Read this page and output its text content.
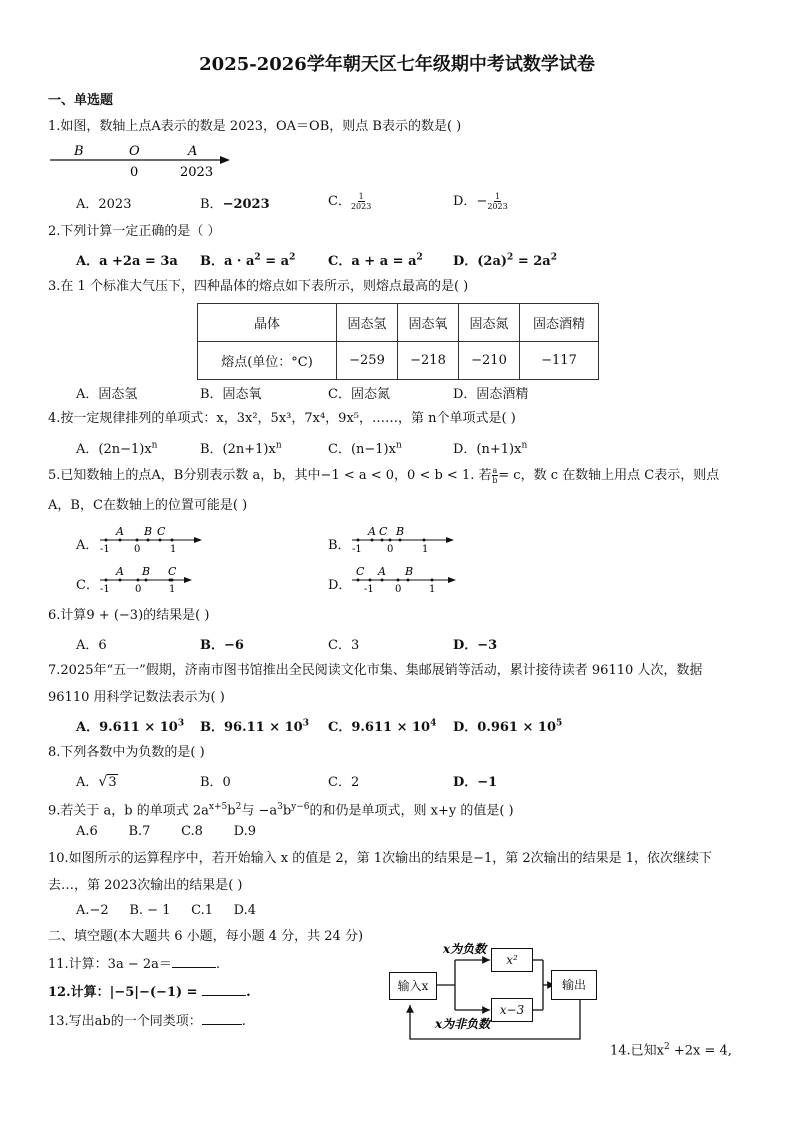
2025-2026学年朝天区七年级期中考试数学试卷
一、单选题
1.如图，数轴上点A表示的数是 2023，OA＝OB，则点 B表示的数是( )
B	O	A
0	2023
A．2023	B．−2023	C． $\frac{1}{2023}$	D．− $\frac{1}{2023}$
2.下列计算一定正确的是（ ）
A．a +2a = 3a B．$a \cdot a^2 = a^2$	C．$a + a = a^2$ D．$(2a)^2 = 2a^2$
3.在 1 个标准大气压下，四种晶体的熔点如下表所示，则熔点最高的是( )
晶体	固态氢	固态氧	固态氮	固态酒精
熔点(单位：°C)	−259	−218	−210	−117
A．固态氢	B．固态氧	C．固态氮	D．固态酒精
4.按一定规律排列的单项式：x，3x²，5x³，7x⁴，9x⁵，……，第 n个单项式是( )
A．$(2n-1)x^n$	B．$(2n+1)x^n$	C．$(n-1)x^n$	D．$(n+1)x^n$
5.已知数轴上的点A，B分别表示数 a，b，其中−1 < a < 0，0 < b < 1. 若 $\frac{a}{b} = c$，数 c 在数轴上用点 C表示，则点
A，B，C在数轴上的位置可能是( )
A．
A B C
-1 0	1	B．
A C B
-1	0	1
C．
A B C
-1	0	1	D．
C A B
-1 0	1
6.计算9 + (−3)的结果是( )
A．6	B．−6	C．3	D．−3
7.2025年“五一”假期，济南市图书馆推出全民阅读文化市集、集邮展销等活动，累计接待读者 96110 人次，数据
96110 用科学记数法表示为( )
A．$9.611 \times 10^3$ B．$96.11 \times 10^3$ C．$9.611 \times 10^4$ D．$0.961 \times 10^5$
8.下列各数中为负数的是( )
A．√3	B．0	C．2	D．−1
9.若关于 a，b 的单项式 $2a^{x+5}b^2$与 $-a^3b^{y-6}$的和仍是单项式，则 x+y 的值是( )
A.6     B.7     C.8     D.9
10.如图所示的运算程序中，若开始输入 x 的值是 2，第 1次输出的结果是−1，第 2次输出的结果是 1，依次继续下
去…，第 2023次输出的结果是( )
A.−2     B. − 1     C.1     D.4
二、填空题(本大题共 6 小题，每小题 4 分，共 24 分)
11.计算：3a − 2a＝	.
12.计算：|−5|−(−1) =	.
13.写出ab的一个同类项：	.
14.已知$x^2 +2x = 4$,
x为负数
x为非负数
输入x
x²
x−3
输出
